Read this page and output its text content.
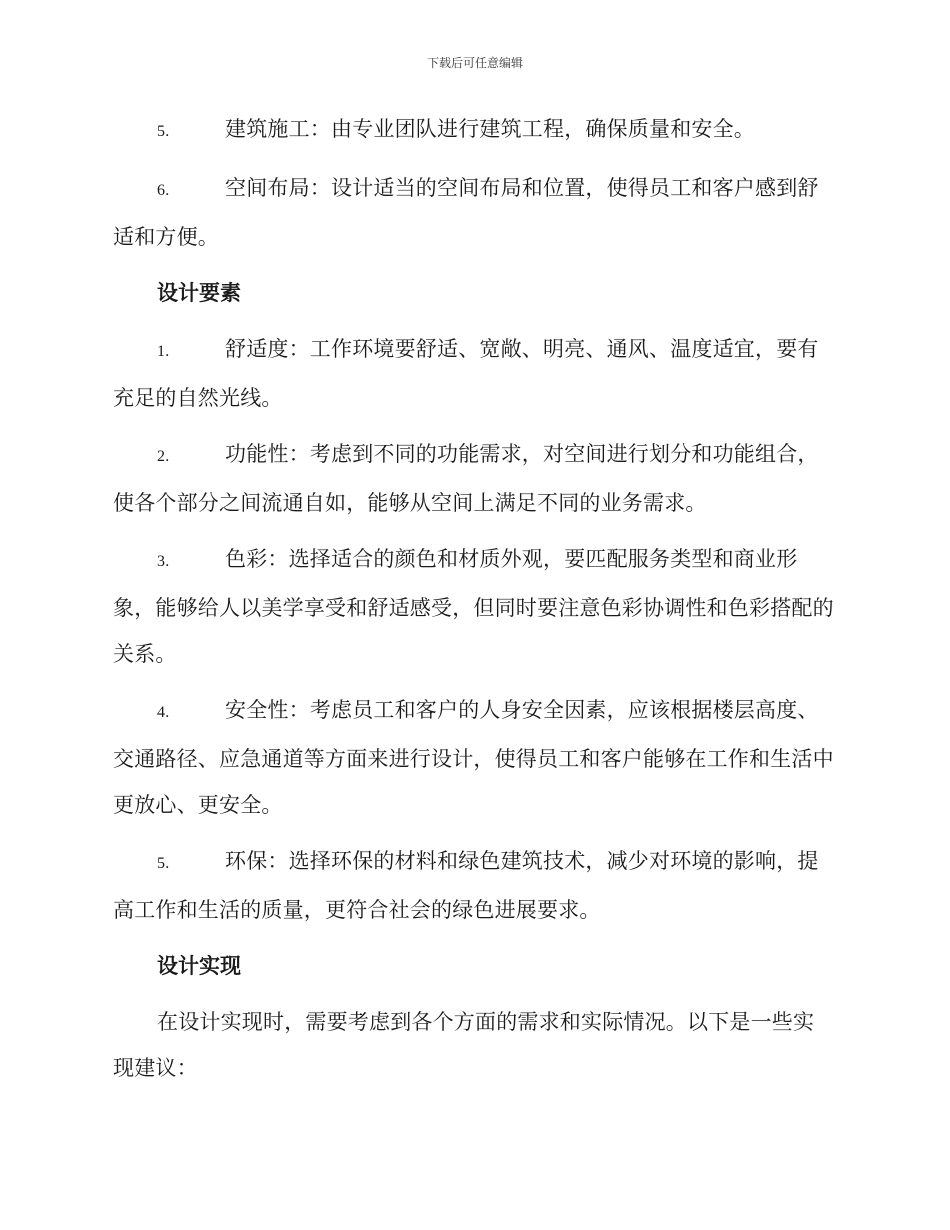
下载后可任意编辑
5.	建筑施工：由专业团队进行建筑工程，确保质量和安全。
6.	空间布局：设计适当的空间布局和位置，使得员工和客户感到舒适和方便。
设计要素
1.	舒适度：工作环境要舒适、宽敞、明亮、通风、温度适宜，要有充足的自然光线。
2.	功能性：考虑到不同的功能需求，对空间进行划分和功能组合，使各个部分之间流通自如，能够从空间上满足不同的业务需求。
3.	色彩：选择适合的颜色和材质外观，要匹配服务类型和商业形象，能够给人以美学享受和舒适感受，但同时要注意色彩协调性和色彩搭配的关系。
4.	安全性：考虑员工和客户的人身安全因素，应该根据楼层高度、交通路径、应急通道等方面来进行设计，使得员工和客户能够在工作和生活中更放心、更安全。
5.	环保：选择环保的材料和绿色建筑技术，减少对环境的影响，提高工作和生活的质量，更符合社会的绿色进展要求。
设计实现

在设计实现时，需要考虑到各个方面的需求和实际情况。以下是一些实现建议：
